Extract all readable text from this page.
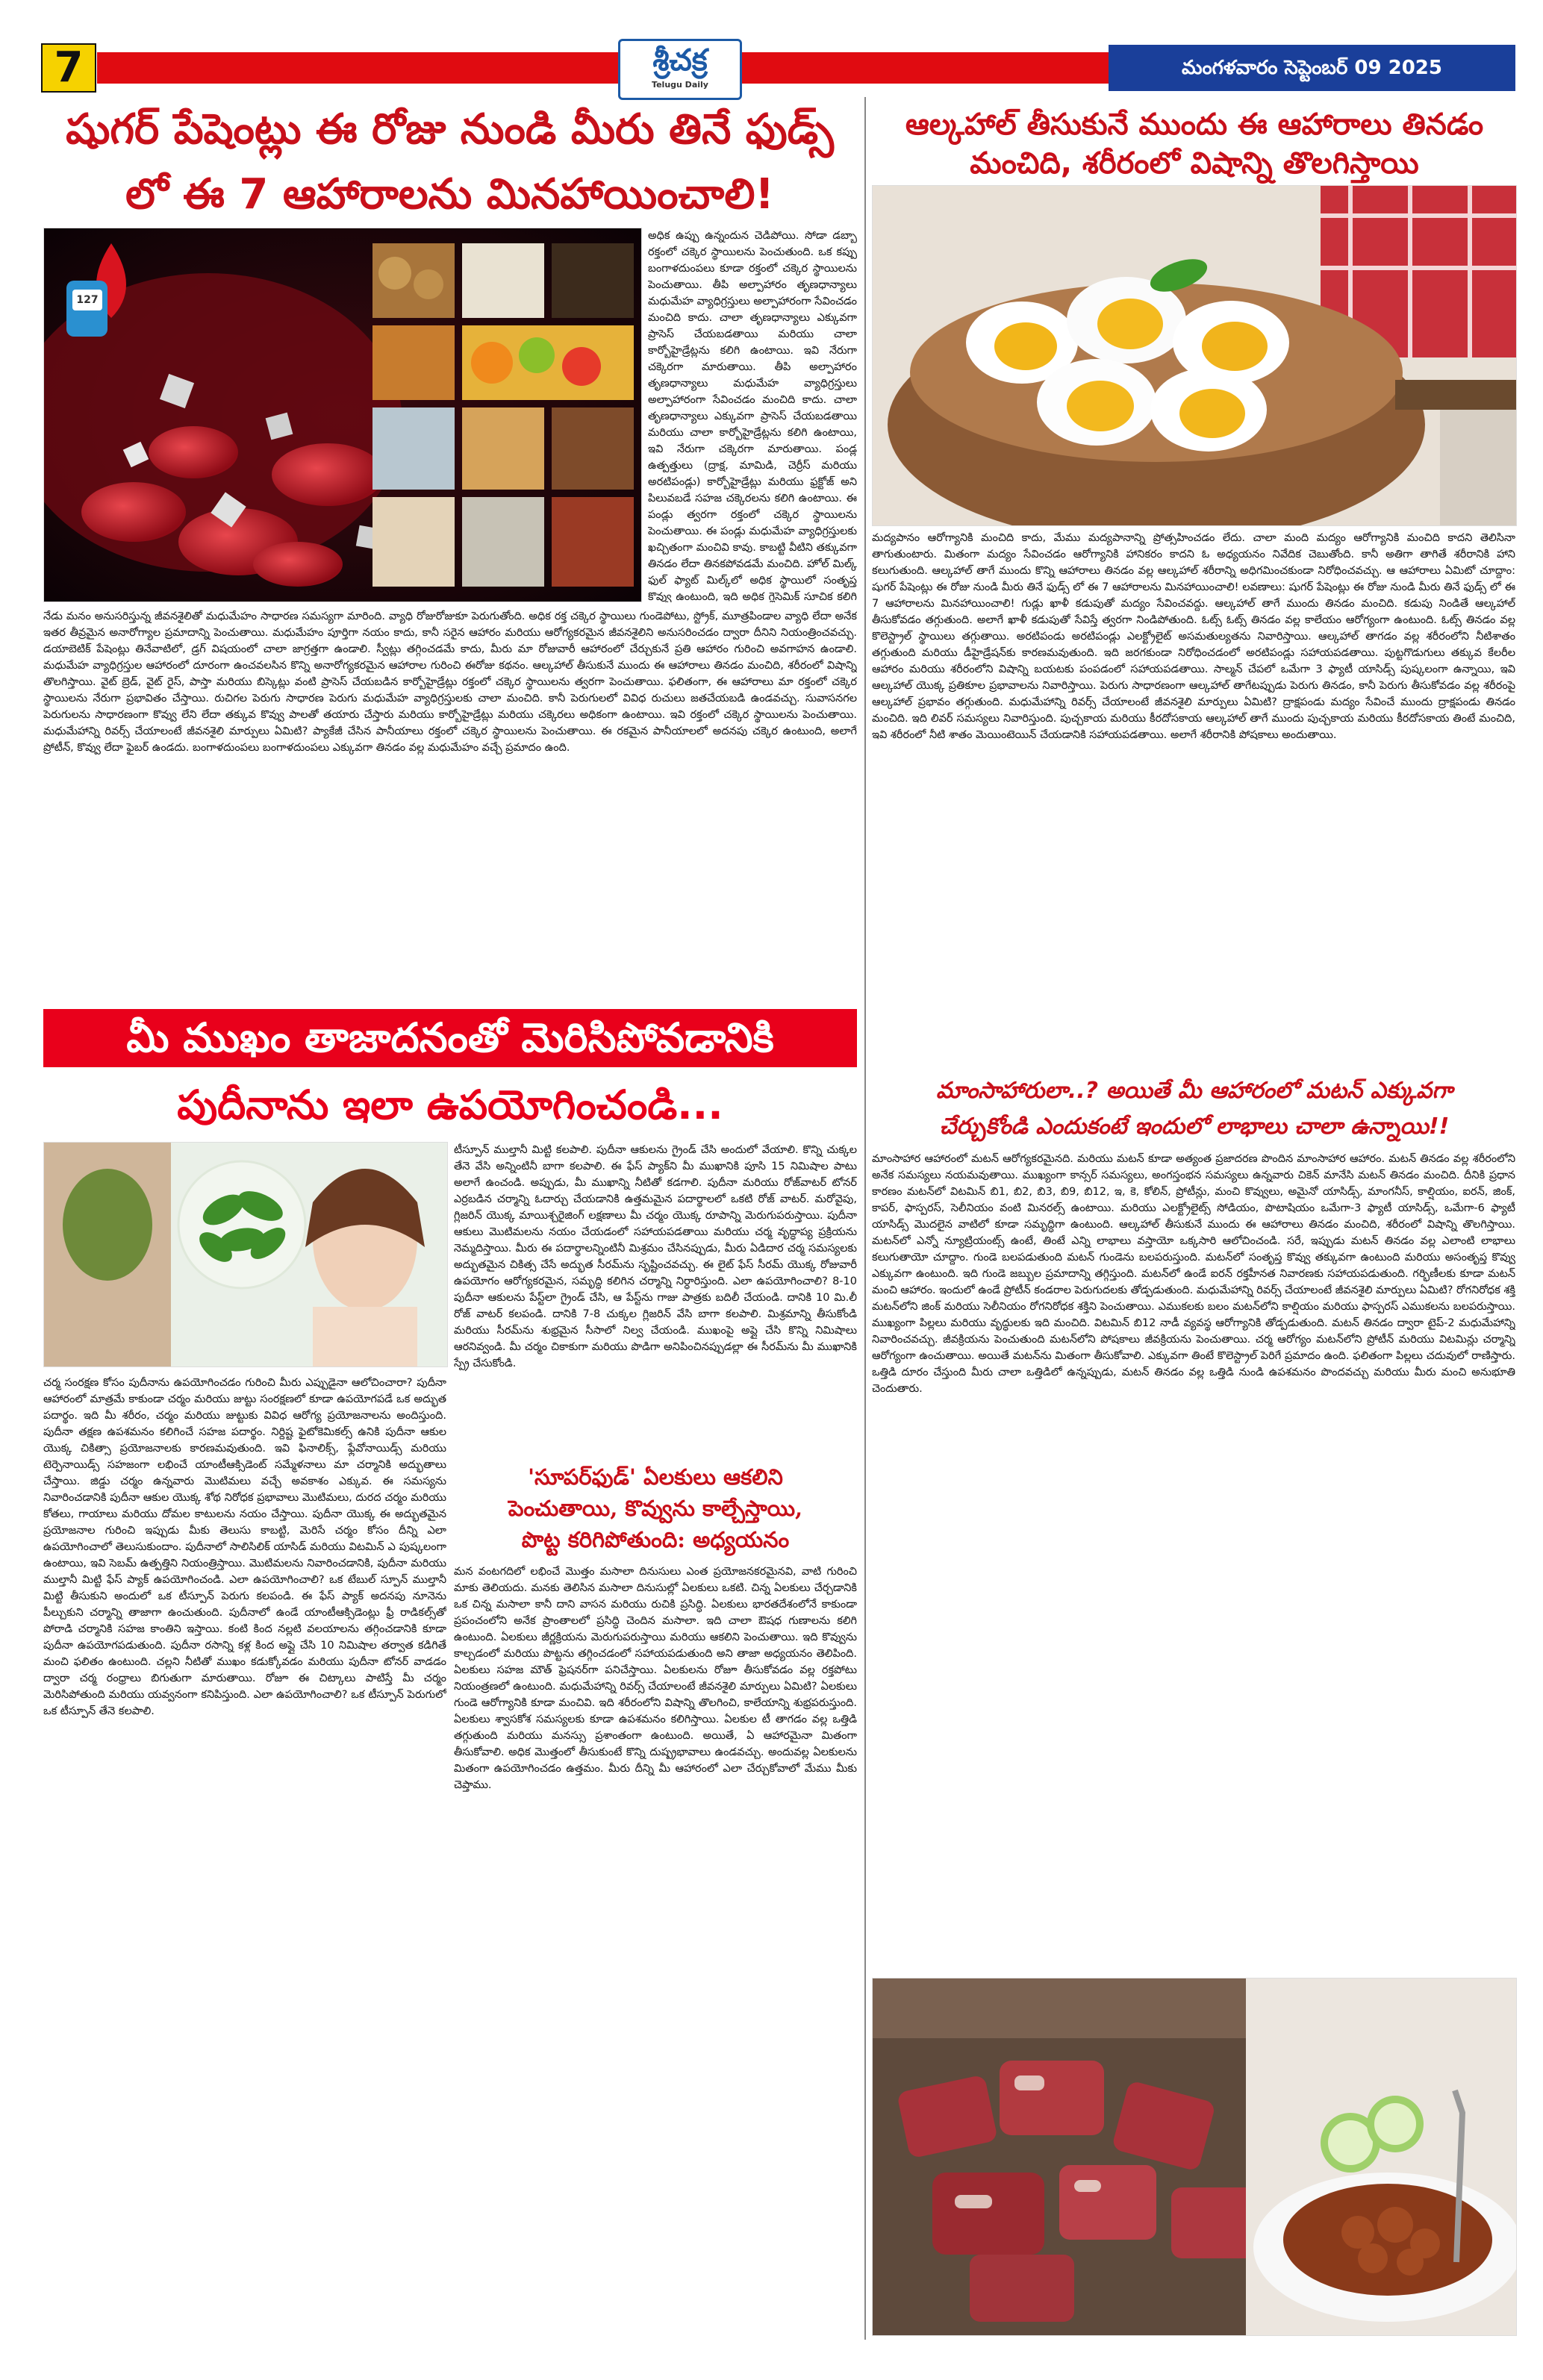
7	శ్రీచక్ర
Telugu Daily
మంగళవారం సెప్టెంబర్ 09 2025
షుగర్ పేషెంట్లు ఈ రోజు నుండి మీరు తినే ఫుడ్స్
లో ఈ 7 ఆహారాలను మినహాయించాలి!
127
అధిక ఉప్పు ఉన్నందున చెడిపోయి. సోడా డబ్బా రక్తంలో చక్కెర స్థాయిలను పెంచుతుంది. ఒక కప్పు బంగాళదుంపలు కూడా రక్తంలో చక్కెర స్థాయిలను పెంచుతాయి. తీపి అల్పాహారం తృణధాన్యాలు మధుమేహ వ్యాధిగ్రస్తులు అల్పాహారంగా సేవించడం మంచిది కాదు. చాలా తృణధాన్యాలు ఎక్కువగా ప్రాసెస్ చేయబడతాయి మరియు చాలా కార్బోహైడ్రేట్లను కలిగి ఉంటాయి. ఇవి నేరుగా చక్కెరగా మారుతాయి. తీపి అల్పాహారం తృణధాన్యాలు మధుమేహ వ్యాధిగ్రస్తులు అల్పాహారంగా సేవించడం మంచిది కాదు. చాలా తృణధాన్యాలు ఎక్కువగా ప్రాసెస్ చేయబడతాయి మరియు చాలా కార్బోహైడ్రేట్లను కలిగి ఉంటాయి, ఇవి నేరుగా చక్కెరగా మారుతాయి. పండ్ల ఉత్పత్తులు (ద్రాక్ష, మామిడి, చెర్రీస్ మరియు అరటిపండ్లు) కార్బోహైడ్రేట్లు మరియు ఫ్రక్టోజ్ అని పిలువబడే సహజ చక్కెరలను కలిగి ఉంటాయి. ఈ పండ్లు త్వరగా రక్తంలో చక్కెర స్థాయిలను పెంచుతాయి. ఈ పండ్లు మధుమేహ వ్యాధిగ్రస్తులకు ఖచ్చితంగా మంచివి కావు. కాబట్టి వీటిని తక్కువగా తినడం లేదా తినకపోవడమే మంచిది. హోల్ మిల్క్ ఫుల్ ఫ్యాట్ మిల్క్‌లో అధిక స్థాయిలో సంతృప్త కొవ్వు ఉంటుంది, ఇది అధిక గ్లైసెమిక్ సూచిక కలిగి
నేడు మనం అనుసరిస్తున్న జీవనశైలితో మధుమేహం సాధారణ సమస్యగా మారింది. వ్యాధి రోజురోజుకూ పెరుగుతోంది. అధిక రక్త చక్కెర స్థాయిలు గుండెపోటు, స్ట్రోక్, మూత్రపిండాల వ్యాధి లేదా అనేక ఇతర తీవ్రమైన అనారోగ్యాల ప్రమాదాన్ని పెంచుతాయి. మధుమేహం పూర్తిగా నయం కాదు, కానీ సరైన ఆహారం మరియు ఆరోగ్యకరమైన జీవనశైలిని అనుసరించడం ద్వారా దీనిని నియంత్రించవచ్చు. డయాబెటిక్ పేషెంట్లు తినేవాటిలో, డ్రగ్ విషయంలో చాలా జాగ్రత్తగా ఉండాలి. స్వీట్లు తగ్గించడమే కాదు, మీరు మా రోజువారీ ఆహారంలో చేర్చుకునే ప్రతి ఆహారం గురించి అవగాహన ఉండాలి. మధుమేహ వ్యాధిగ్రస్తుల ఆహారంలో దూరంగా ఉంచవలసిన కొన్ని అనారోగ్యకరమైన ఆహారాల గురించి ఈరోజు కథనం. ఆల్కహాల్ తీసుకునే ముందు ఈ ఆహారాలు తినడం మంచిది, శరీరంలో విషాన్ని తొలగిస్తాయి. వైట్ బ్రెడ్, వైట్ రైస్, పాస్తా మరియు బిస్కెట్లు వంటి ప్రాసెస్ చేయబడిన కార్బోహైడ్రేట్లు రక్తంలో చక్కెర స్థాయిలను త్వరగా పెంచుతాయి. ఫలితంగా, ఈ ఆహారాలు మా రక్తంలో చక్కెర స్థాయిలను నేరుగా ప్రభావితం చేస్తాయి. రుచిగల పెరుగు సాధారణ పెరుగు మధుమేహ వ్యాధిగ్రస్తులకు చాలా మంచిది. కానీ పెరుగులలో వివిధ రుచులు జతచేయబడి ఉండవచ్చు. సువాసనగల పెరుగులను సాధారణంగా కొవ్వు లేని లేదా తక్కువ కొవ్వు పాలతో తయారు చేస్తారు మరియు కార్బోహైడ్రేట్లు మరియు చక్కెరలు అధికంగా ఉంటాయి. ఇవి రక్తంలో చక్కెర స్థాయిలను పెంచుతాయి. మధుమేహాన్ని రివర్స్ చేయాలంటే జీవనశైలి మార్పులు ఏమిటి? ప్యాకేజీ చేసిన పానీయాలు రక్తంలో చక్కెర స్థాయిలను పెంచుతాయి. ఈ రకమైన పానీయాలలో అదనపు చక్కెర ఉంటుంది, అలాగే ప్రోటీన్, కొవ్వు లేదా ఫైబర్ ఉండదు. బంగాళదుంపలు బంగాళదుంపలు ఎక్కువగా తినడం వల్ల మధుమేహం వచ్చే ప్రమాదం ఉంది.
మీ ముఖం తాజాదనంతో మెరిసిపోవడానికి
పుదీనాను ఇలా ఉపయోగించండి...
టీస్పూన్ ముల్తానీ మిట్టి కలపాలి. పుదీనా ఆకులను గ్రైండ్ చేసి అందులో వేయాలి. కొన్ని చుక్కల తేనె వేసి అన్నింటినీ బాగా కలపాలి. ఈ ఫేస్ ప్యాక్‌ని మీ ముఖానికి పూసి 15 నిమిషాల పాటు అలాగే ఉంచండి. అప్పుడు, మీ ముఖాన్ని నీటితో కడగాలి. పుదీనా మరియు రోజ్‌వాటర్ టోనర్ ఎర్రబడిన చర్మాన్ని ఓదార్చు చేయడానికి ఉత్తమమైన పదార్థాలలో ఒకటి రోజ్ వాటర్. మరోవైపు, గ్లిజరిన్ యొక్క మాయిశ్చరైజింగ్ లక్షణాలు మీ చర్మం యొక్క రూపాన్ని మెరుగుపరుస్తాయి. పుదీనా ఆకులు మొటిమలను నయం చేయడంలో సహాయపడతాయి మరియు చర్మ వృద్ధాప్య ప్రక్రియను నెమ్మదిస్తాయి. మీరు ఈ పదార్థాలన్నింటినీ మిశ్రమం చేసినప్పుడు, మీరు ఏడిదార చర్మ సమస్యలకు అద్భుతమైన చికిత్స చేసే అద్భుత సీరమ్‌ను సృష్టించవచ్చు. ఈ లైట్ ఫేస్ సీరమ్ యొక్క రోజువారీ ఉపయోగం ఆరోగ్యకరమైన, సమృద్ధి కలిగిన చర్మాన్ని నిర్ధారిస్తుంది. ఎలా ఉపయోగించాలి? 8-10 పుదీనా ఆకులను పేస్ట్‌లా గ్రైండ్ చేసి, ఆ పేస్ట్‌ను గాజు పాత్రకు బదిలీ చేయండి. దానికి 10 మి.లీ రోజ్ వాటర్ కలపండి. దానికి 7-8 చుక్కల గ్లిజరిన్ వేసి బాగా కలపాలి. మిశ్రమాన్ని తీసుకోండి మరియు సీరమ్‌ను శుభ్రమైన సీసాలో నిల్వ చేయండి. ముఖంపై అప్లై చేసి కొన్ని నిమిషాలు ఆరనివ్వండి. మీ చర్మం చికాకుగా మరియు పొడిగా అనిపించినప్పుడల్లా ఈ సీరమ్‌ను మీ ముఖానికి స్ప్రే చేసుకోండి.
చర్మ సంరక్షణ కోసం పుదీనాను ఉపయోగించడం గురించి మీరు ఎప్పుడైనా ఆలోచించారా? పుదీనా ఆహారంలో మాత్రమే కాకుండా చర్మం మరియు జుట్టు సంరక్షణలో కూడా ఉపయోగపడే ఒక అద్భుత పదార్థం. ఇది మీ శరీరం, చర్మం మరియు జుట్టుకు వివిధ ఆరోగ్య ప్రయోజనాలను అందిస్తుంది. పుదీనా తక్షణ ఉపశమనం కలిగించే సహజ పదార్థం. నిర్దిష్ట ఫైటోకెమికల్స్ ఉనికి పుదీనా ఆకుల యొక్క చికిత్సా ప్రయోజనాలకు కారణమవుతుంది. ఇవి ఫినాలిక్స్, ఫ్లేవోనాయిడ్స్ మరియు టెర్పెనాయిడ్స్ సహజంగా లభించే యాంటీఆక్సిడెంట్ సమ్మేళనాలు మా చర్మానికి అద్భుతాలు చేస్తాయి. జిడ్డు చర్మం ఉన్నవారు మొటిమలు వచ్చే అవకాశం ఎక్కువ. ఈ సమస్యను నివారించడానికి పుదీనా ఆకుల యొక్క శోథ నిరోధక ప్రభావాలు మొటిమలు, దురద చర్మం మరియు కోతలు, గాయాలు మరియు దోమల కాటులను నయం చేస్తాయి. పుదీనా యొక్క ఈ అద్భుతమైన ప్రయోజనాల గురించి ఇప్పుడు మీకు తెలుసు కాబట్టి, మెరిసే చర్మం కోసం దీన్ని ఎలా ఉపయోగించాలో తెలుసుకుందాం. పుదీనాలో సాలిసిలిక్ యాసిడ్ మరియు విటమిన్ ఎ పుష్కలంగా ఉంటాయి, ఇవి సెబమ్ ఉత్పత్తిని నియంత్రిస్తాయి. మొటిమలను నివారించడానికి, పుదీనా మరియు ముల్తానీ మిట్టి ఫేస్ ప్యాక్ ఉపయోగించండి. ఎలా ఉపయోగించాలి? ఒక టేబుల్ స్పూన్ ముల్తానీ మిట్టి తీసుకుని అందులో ఒక టీస్పూన్ పెరుగు కలపండి. ఈ ఫేస్ ప్యాక్ అదనపు నూనెను పీల్చుకుని చర్మాన్ని తాజాగా ఉంచుతుంది. పుదీనాలో ఉండే యాంటీఆక్సిడెంట్లు ఫ్రీ రాడికల్స్‌తో పోరాడి చర్మానికి సహజ కాంతిని ఇస్తాయి. కంటి కింద నల్లటి వలయాలను తగ్గించడానికి కూడా పుదీనా ఉపయోగపడుతుంది. పుదీనా రసాన్ని కళ్ల కింద అప్లై చేసి 10 నిమిషాల తర్వాత కడిగితే మంచి ఫలితం ఉంటుంది. చల్లని నీటితో ముఖం కడుక్కోవడం మరియు పుదీనా టోనర్ వాడడం ద్వారా చర్మ రంధ్రాలు బిగుతుగా మారుతాయి. రోజూ ఈ చిట్కాలు పాటిస్తే మీ చర్మం మెరిసిపోతుంది మరియు యవ్వనంగా కనిపిస్తుంది. ఎలా ఉపయోగించాలి? ఒక టీస్పూన్ పెరుగులో ఒక టీస్పూన్ తేనె కలపాలి.
'సూపర్‌ఫుడ్' ఏలకులు ఆకలిని
పెంచుతాయి, కొవ్వును కాల్చేస్తాయి,
పొట్ట కరిగిపోతుంది: అధ్యయనం
మన వంటగదిలో లభించే మొత్తం మసాలా దినుసులు ఎంత ప్రయోజనకరమైనవి, వాటి గురించి మాకు తెలియదు. మనకు తెలిసిన మసాలా దినుసుల్లో ఏలకులు ఒకటి. చిన్న ఏలకులు చేర్చడానికి ఒక చిన్న మసాలా కానీ దాని వాసన మరియు రుచికి ప్రసిద్ధి. ఏలకులు భారతదేశంలోనే కాకుండా ప్రపంచంలోని అనేక ప్రాంతాలలో ప్రసిద్ధి చెందిన మసాలా. ఇది చాలా ఔషధ గుణాలను కలిగి ఉంటుంది. ఏలకులు జీర్ణక్రియను మెరుగుపరుస్తాయి మరియు ఆకలిని పెంచుతాయి. ఇది కొవ్వును కాల్చడంలో మరియు పొట్టను తగ్గించడంలో సహాయపడుతుంది అని తాజా అధ్యయనం తెలిపింది. ఏలకులు సహజ మౌత్ ఫ్రెషనర్‌గా పనిచేస్తాయి. ఏలకులను రోజూ తీసుకోవడం వల్ల రక్తపోటు నియంత్రణలో ఉంటుంది. మధుమేహాన్ని రివర్స్ చేయాలంటే జీవనశైలి మార్పులు ఏమిటి? ఏలకులు గుండె ఆరోగ్యానికి కూడా మంచివి. ఇది శరీరంలోని విషాన్ని తొలగించి, కాలేయాన్ని శుభ్రపరుస్తుంది. ఏలకులు శ్వాసకోశ సమస్యలకు కూడా ఉపశమనం కలిగిస్తాయి. ఏలకుల టీ తాగడం వల్ల ఒత్తిడి తగ్గుతుంది మరియు మనస్సు ప్రశాంతంగా ఉంటుంది. అయితే, ఏ ఆహారమైనా మితంగా తీసుకోవాలి. అధిక మొత్తంలో తీసుకుంటే కొన్ని దుష్ప్రభావాలు ఉండవచ్చు. అందువల్ల ఏలకులను మితంగా ఉపయోగించడం ఉత్తమం. మీరు దీన్ని మీ ఆహారంలో ఎలా చేర్చుకోవాలో మేము మీకు చెప్తాము.
ఆల్కహాల్ తీసుకునే ముందు ఈ ఆహారాలు తినడం
మంచిది, శరీరంలో విషాన్ని తొలగిస్తాయి
మద్యపానం ఆరోగ్యానికి మంచిది కాదు, మేము మద్యపానాన్ని ప్రోత్సహించడం లేదు. చాలా మంది మద్యం ఆరోగ్యానికి మంచిది కాదని తెలిసినా తాగుతుంటారు. మితంగా మద్యం సేవించడం ఆరోగ్యానికి హానికరం కాదని ఓ అధ్యయనం నివేదిక చెబుతోంది. కానీ అతిగా తాగితే శరీరానికి హాని కలుగుతుంది. ఆల్కహాల్ తాగే ముందు కొన్ని ఆహారాలు తినడం వల్ల ఆల్కహాల్ శరీరాన్ని అధిగమించకుండా నిరోధించవచ్చు. ఆ ఆహారాలు ఏమిటో చూద్దాం: షుగర్ పేషెంట్లు ఈ రోజు నుండి మీరు తినే ఫుడ్స్ లో ఈ 7 ఆహారాలను మినహాయించాలి! లవణాలు: షుగర్ పేషెంట్లు ఈ రోజు నుండి మీరు తినే ఫుడ్స్ లో ఈ 7 ఆహారాలను మినహాయించాలి! గుడ్లు ఖాళీ కడుపుతో మద్యం సేవించవద్దు. ఆల్కహాల్ తాగే ముందు తినడం మంచిది. కడుపు నిండితే ఆల్కహాల్ తీసుకోవడం తగ్గుతుంది. అలాగే ఖాళీ కడుపుతో సేవిస్తే త్వరగా నిండిపోతుంది. ఓట్స్ ఓట్స్ తినడం వల్ల కాలేయం ఆరోగ్యంగా ఉంటుంది. ఓట్స్ తినడం వల్ల కొలెస్ట్రాల్ స్థాయిలు తగ్గుతాయి. అరటిపండు అరటిపండ్లు ఎలక్ట్రోలైట్ అసమతుల్యతను నివారిస్తాయి. ఆల్కహాల్ తాగడం వల్ల శరీరంలోని నీటిశాతం తగ్గుతుంది మరియు డీహైడ్రేషన్‌కు కారణమవుతుంది. ఇది జరగకుండా నిరోధించడంలో అరటిపండ్లు సహాయపడతాయి. పుట్టగొడుగులు తక్కువ కేలరీల ఆహారం మరియు శరీరంలోని విషాన్ని బయటకు పంపడంలో సహాయపడతాయి. సాల్మన్ చేపలో ఒమేగా 3 ఫ్యాటీ యాసిడ్స్ పుష్కలంగా ఉన్నాయి, ఇవి ఆల్కహాల్ యొక్క ప్రతికూల ప్రభావాలను నివారిస్తాయి. పెరుగు సాధారణంగా ఆల్కహాల్ తాగేటప్పుడు పెరుగు తినడం, కానీ పెరుగు తీసుకోవడం వల్ల శరీరంపై ఆల్కహాల్ ప్రభావం తగ్గుతుంది. మధుమేహాన్ని రివర్స్ చేయాలంటే జీవనశైలి మార్పులు ఏమిటి? ద్రాక్షపండు మద్యం సేవించే ముందు ద్రాక్షపండు తినడం మంచిది. ఇది లివర్ సమస్యలు నివారిస్తుంది. పుచ్చకాయ మరియు కీరదోసకాయ ఆల్కహాల్ తాగే ముందు పుచ్చకాయ మరియు కీరదోసకాయ తింటే మంచిది, ఇవి శరీరంలో నీటి శాతం మెయింటెయిన్ చేయడానికి సహాయపడతాయి. అలాగే శరీరానికి పోషకాలు అందుతాయి.
మాంసాహారులా..? అయితే మీ ఆహారంలో మటన్ ఎక్కువగా
చేర్చుకోండి ఎందుకంటే ఇందులో లాభాలు చాలా ఉన్నాయి!!
మాంసాహార ఆహారంలో మటన్ ఆరోగ్యకరమైనది. మరియు మటన్ కూడా అత్యంత ప్రజాదరణ పొందిన మాంసాహార ఆహారం. మటన్ తినడం వల్ల శరీరంలోని అనేక సమస్యలు నయమవుతాయి. ముఖ్యంగా కాన్సర్ సమస్యలు, అంగస్తంభన సమస్యలు ఉన్నవారు చికెన్ మానేసి మటన్ తినడం మంచిది. దీనికి ప్రధాన కారణం మటన్‌లో విటమిన్ బి1, బి2, బి3, బి9, బి12, ఇ, కె, కోలిన్, ప్రోటీన్లు, మంచి కొవ్వులు, అమైనో యాసిడ్స్, మాంగనీస్, కాల్షియం, ఐరన్, జింక్, కాపర్, ఫాస్పరస్, సెలీనియం వంటి మినరల్స్ ఉంటాయి. మరియు ఎలక్ట్రోలైట్స్ సోడియం, పొటాషియం ఒమేగా-3 ఫ్యాటీ యాసిడ్స్, ఒమేగా-6 ఫ్యాటీ యాసిడ్స్ మొదలైన వాటిలో కూడా సమృద్ధిగా ఉంటుంది. ఆల్కహాల్ తీసుకునే ముందు ఈ ఆహారాలు తినడం మంచిది, శరీరంలో విషాన్ని తొలగిస్తాయి. మటన్‌లో ఎన్నో న్యూట్రియంట్స్ ఉంటే, తింటే ఎన్ని లాభాలు వస్తాయో ఒక్కసారి ఆలోచించండి. సరే, ఇప్పుడు మటన్ తినడం వల్ల ఎలాంటి లాభాలు కలుగుతాయో చూద్దాం. గుండె బలపడుతుంది మటన్ గుండెను బలపరుస్తుంది. మటన్‌లో సంతృప్త కొవ్వు తక్కువగా ఉంటుంది మరియు అసంతృప్త కొవ్వు ఎక్కువగా ఉంటుంది. ఇది గుండె జబ్బుల ప్రమాదాన్ని తగ్గిస్తుంది. మటన్‌లో ఉండే ఐరన్ రక్తహీనత నివారణకు సహాయపడుతుంది. గర్భిణీలకు కూడా మటన్ మంచి ఆహారం. ఇందులో ఉండే ప్రోటీన్ కండరాల పెరుగుదలకు తోడ్పడుతుంది. మధుమేహాన్ని రివర్స్ చేయాలంటే జీవనశైలి మార్పులు ఏమిటి? రోగనిరోధక శక్తి మటన్‌లోని జింక్ మరియు సెలీనియం రోగనిరోధక శక్తిని పెంచుతాయి. ఎముకలకు బలం మటన్‌లోని కాల్షియం మరియు ఫాస్పరస్ ఎముకలను బలపరుస్తాయి. ముఖ్యంగా పిల్లలు మరియు వృద్ధులకు ఇది మంచిది. విటమిన్ బి12 నాడీ వ్యవస్థ ఆరోగ్యానికి తోడ్పడుతుంది. మటన్ తినడం ద్వారా టైప్-2 మధుమేహాన్ని నివారించవచ్చు. జీవక్రియను పెంచుతుంది మటన్‌లోని పోషకాలు జీవక్రియను పెంచుతాయి. చర్మ ఆరోగ్యం మటన్‌లోని ప్రోటీన్ మరియు విటమిన్లు చర్మాన్ని ఆరోగ్యంగా ఉంచుతాయి. అయితే మటన్‌ను మితంగా తీసుకోవాలి. ఎక్కువగా తింటే కొలెస్ట్రాల్ పెరిగే ప్రమాదం ఉంది. ఫలితంగా పిల్లలు చదువులో రాణిస్తారు. ఒత్తిడి దూరం చేస్తుంది మీరు చాలా ఒత్తిడిలో ఉన్నప్పుడు, మటన్ తినడం వల్ల ఒత్తిడి నుండి ఉపశమనం పొందవచ్చు మరియు మీరు మంచి అనుభూతి చెందుతారు.
